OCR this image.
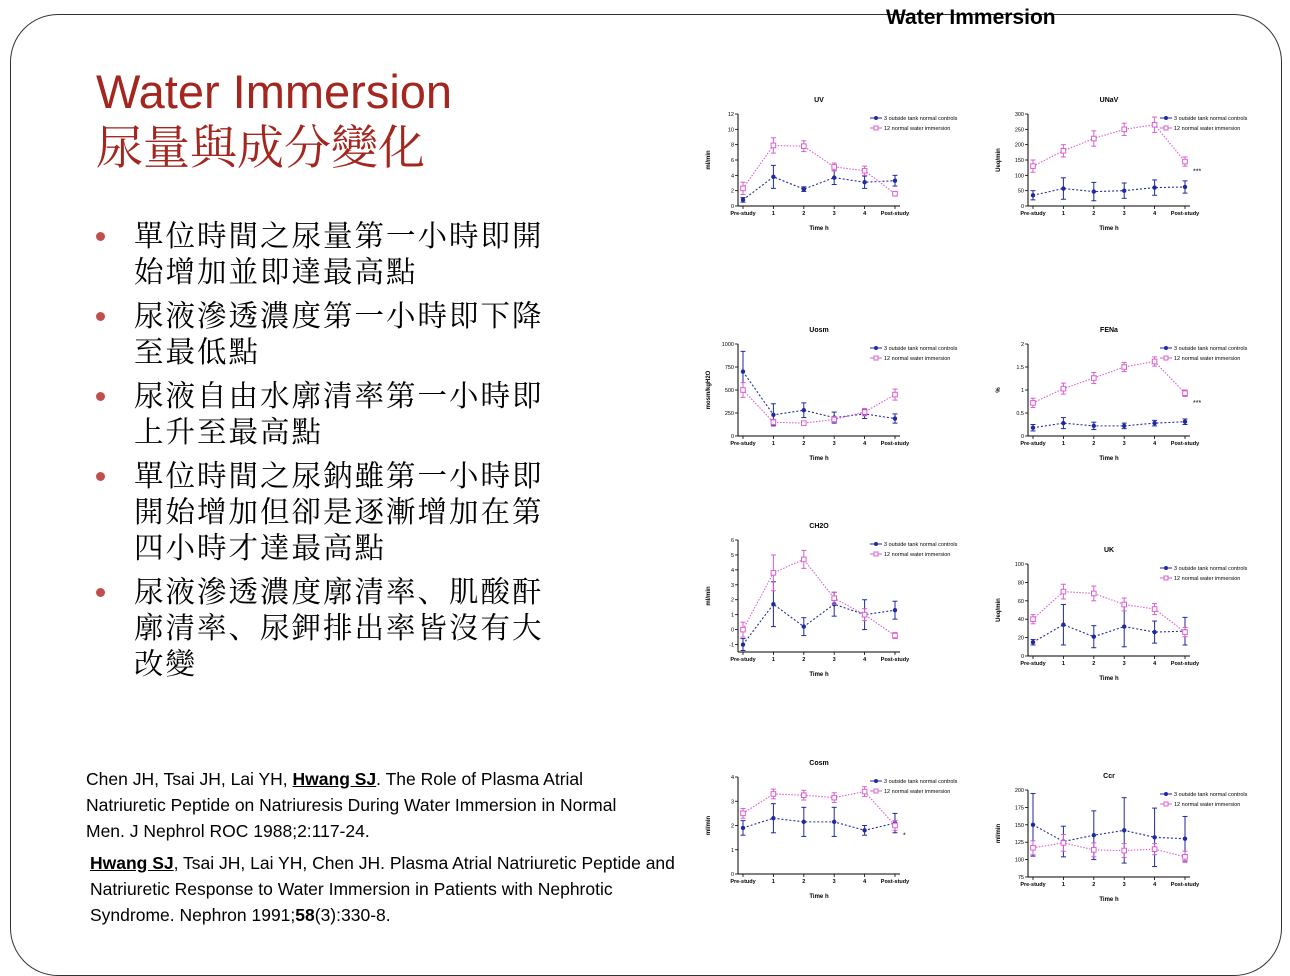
Water Immersion
Water Immersion
尿量與成分變化
單位時間之尿量第一小時即開
始增加並即達最高點
尿液滲透濃度第一小時即下降
至最低點
尿液自由水廓清率第一小時即
上升至最高點
單位時間之尿鈉雖第一小時即
開始增加但卻是逐漸增加在第
四小時才達最高點
尿液滲透濃度廓清率、肌酸酐
廓清率、尿鉀排出率皆沒有大
改變
Chen JH, Tsai JH, Lai YH, Hwang SJ. The Role of Plasma Atrial Natriuretic Peptide on Natriuresis During Water Immersion in Normal Men. J Nephrol ROC 1988;2:117-24.
Hwang SJ, Tsai JH, Lai YH, Chen JH. Plasma Atrial Natriuretic Peptide and Natriuretic Response to Water Immersion in Patients with Nephrotic Syndrome. Nephron 1991;58(3):330-8.
UV
0
2
4
6
8
10
12
Pre-study	1	2	3	4	Post-study
Time h
ml/min
3 outside tank normal controls
12 normal water immersion
UNaV
0
50
100
150
200
250
300
Pre-study	1	2	3	4	Post-study
Time h
Ueq/min
3 outside tank normal controls
12 normal water immersion
***
Uosm
0
250
500
750
1000
Pre-study	1	2	3	4	Post-study
Time h
mosm/kgH2O
3 outside tank normal controls
12 normal water immersion
FENa
0
0.5
1
1.5
2
Pre-study	1	2	3	4	Post-study
Time h
%
3 outside tank normal controls
12 normal water immersion
***
CH2O
-1
0
1
2
3
4
5
6
Pre-study	1	2	3	4	Post-study
Time h
ml/min
3 outside tank normal controls
12 normal water immersion
UK
0
20
40
60
80
100
Pre-study	1	2	3	4	Post-study
Time h
Ueq/min
3 outside tank normal controls
12 normal water immersion
Cosm
0
1
2
3
4
Pre-study	1	2	3	4	Post-study
Time h
ml/min
3 outside tank normal controls
12 normal water immersion
*
Ccr
75
100
125
150
175
200
Pre-study	1	2	3	4	Post-study
Time h
ml/min
3 outside tank normal controls
12 normal water immersion
